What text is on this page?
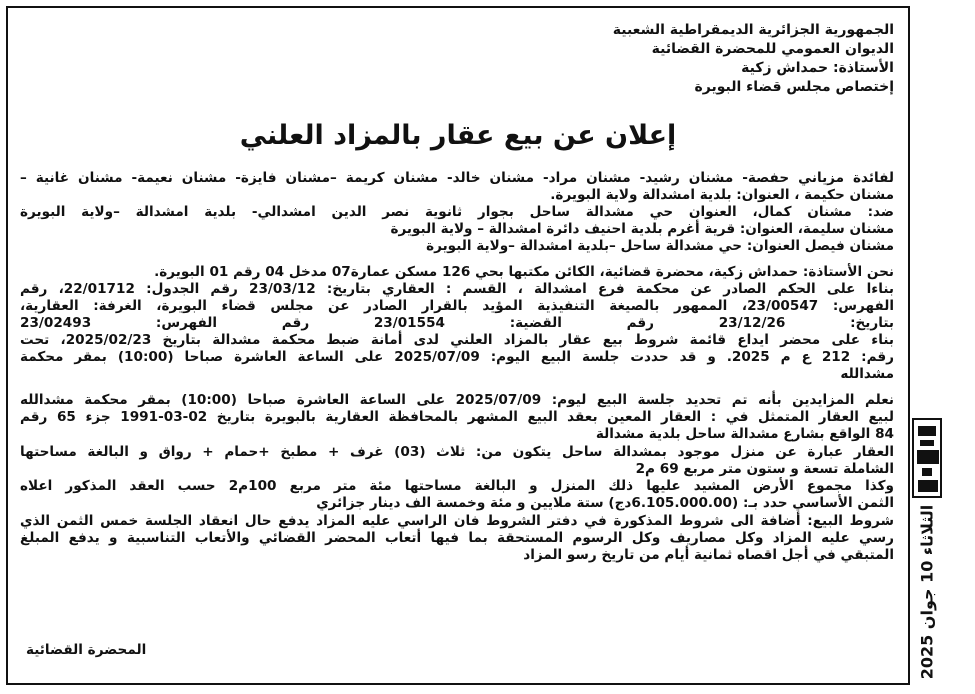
الجمهورية الجزائرية الديمقراطية الشعبية
الديوان العمومي للمحضرة القضائية
الأستاذة: حمداش زكية
إختصاص مجلس قضاء البويرة
إعلان عن بيع عقار بالمزاد العلني
لفائدة مزياني حفصة- مشنان رشيد- مشنان مراد- مشنان خالد- مشنان كريمة –مشنان فايزة- مشنان نعيمة- مشنان غانية –
مشنان حكيمة ، العنوان: بلدية امشدالة ولاية البويرة.
ضد: مشنان كمال، العنوان حي مشدالة ساحل بجوار ثانوية نصر الدين امشدالي- بلدية امشدالة –ولاية البويرة
مشنان سليمة، العنوان: قرية أغرم بلدية احنيف دائرة امشدالة – ولاية البويرة
مشنان فيصل العنوان: حي مشدالة ساحل –بلدية امشدالة –ولاية البويرة
نحن الأستاذة: حمداش زكية، محضرة قضائية، الكائن مكتبها بحي 126 مسكن عمارة07 مدخل 04 رقم 01 البويرة.
بناءا على الحكم الصادر عن محكمة فرع امشدالة ، القسم : العقاري بتاريخ: 23/03/12 رقم الجدول: 22/01712، رقم
الفهرس: 23/00547، الممهور بالصيغة التنفيذية المؤيد بالقرار الصادر عن مجلس قضاء البويرة، الغرفة: العقارية،
بتاريخ: 23/12/26 رقم القضية: 23/01554 رقم الفهرس: 23/02493
بناء على محضر ايداع قائمة شروط بيع عقار بالمزاد العلني لدى أمانة ضبط محكمة مشدالة بتاريخ 2025/02/23، تحت
رقم: 212 ع م 2025. و قد حددت جلسة البيع اليوم: 2025/07/09 على الساعة العاشرة صباحا (10:00) بمقر محكمة
مشدالله
نعلم المزايدين بأنه تم تحديد جلسة البيع ليوم: 2025/07/09 على الساعة العاشرة صباحا (10:00) بمقر محكمة مشدالله
لبيع العقار المتمثل في : العقار المعين بعقد البيع المشهر بالمحافظة العقارية بالبويرة بتاريخ 02-03-1991 جزء 65 رقم
84 الواقع بشارع مشدالة ساحل بلدية مشدالة
العقار عبارة عن منزل موجود بمشدالة ساحل يتكون من: ثلاث (03) غرف + مطبخ +حمام + رواق و البالغة مساحتها
الشاملة تسعة و ستون متر مربع 69 م2
وكذا مجموع الأرض المشيد عليها ذلك المنزل و البالغة مساحتها مئة متر مربع 100م2 حسب العقد المذكور اعلاه
الثمن الأساسي حدد بـ: (6.105.000.00دج) ستة ملايين و مئة وخمسة الف دينار جزائري
شروط البيع: أضافة الى شروط المذكورة في دفتر الشروط فان الراسي عليه المزاد يدفع حال انعقاد الجلسة خمس الثمن الذي
رسي عليه المزاد وكل مصاريف وكل الرسوم المستحقة بما فيها أتعاب المحضر القضائي والأتعاب التناسبية و يدفع المبلغ
المتبقي في أجل اقصاه ثمانية أيام من تاريخ رسو المزاد
المحضرة القضائية	الثلاثاء 10 جوان 2025
